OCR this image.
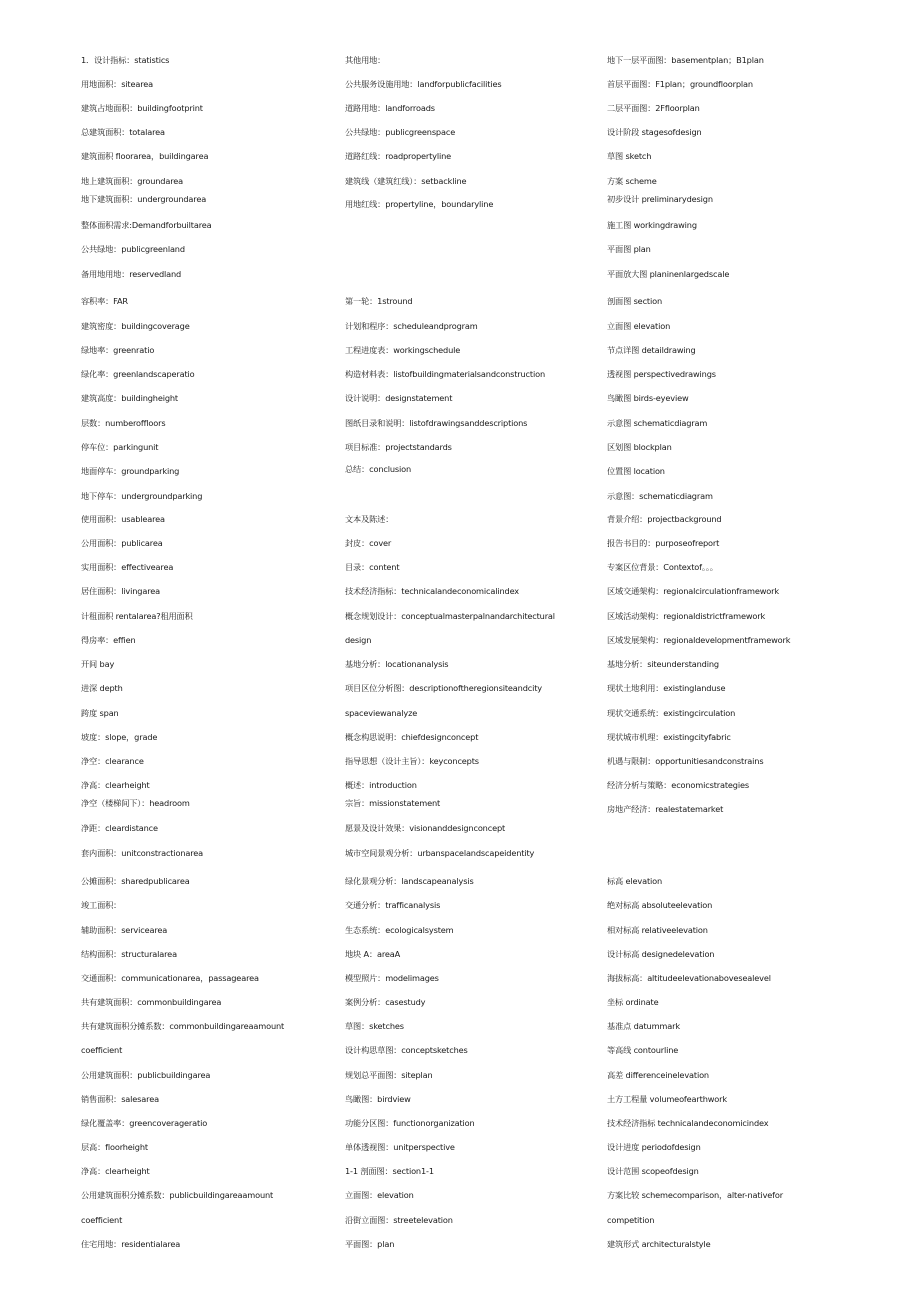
1．设计指标：statistics
用地面积：sitearea
建筑占地面积：buildingfootprint
总建筑面积：totalarea
建筑面积 floorarea，buildingarea
地上建筑面积：groundarea
地下建筑面积：undergroundarea
整体面积需求:Demandforbuiltarea
公共绿地：publicgreenland
备用地用地：reservedland
容积率：FAR
建筑密度：buildingcoverage
绿地率：greenratio
绿化率：greenlandscaperatio
建筑高度：buildingheight
层数：numberoffloors
停车位：parkingunit
地面停车：groundparking
地下停车：undergroundparking
使用面积：usablearea
公用面积：publicarea
实用面积：effectivearea
居住面积：livingarea
计租面积 rentalarea?租用面积
得房率：effien
开间 bay
进深 depth
跨度 span
坡度：slope，grade
净空：clearance
净高：clearheight
净空（楼梯间下）：headroom
净距：cleardistance
套内面积：unitconstractionarea
公摊面积：sharedpublicarea
竣工面积：
辅助面积：servicearea
结构面积：structuralarea
交通面积：communicationarea，passagearea
共有建筑面积：commonbuildingarea
共有建筑面积分摊系数：commonbuildingareaamount
coefficient
公用建筑面积：publicbuildingarea
销售面积：salesarea
绿化覆盖率：greencoverageratio
层高：floorheight
净高：clearheight
公用建筑面积分摊系数：publicbuildingareaamount
coefficient
住宅用地：residentialarea
其他用地：
公共服务设施用地：landforpublicfacilities
道路用地：landforroads
公共绿地：publicgreenspace
道路红线：roadpropertyline
建筑线（建筑红线）：setbackline
用地红线：propertyline，boundaryline
第一轮：1stround
计划和程序：scheduleandprogram
工程进度表：workingschedule
构造材料表：listofbuildingmaterialsandconstruction
设计说明：designstatement
图纸目录和说明：listofdrawingsanddescriptions
项目标准：projectstandards
总结：conclusion
文本及陈述：
封皮：cover
目录：content
技术经济指标：technicalandeconomicalindex
概念规划设计：conceptualmasterpalnandarchitectural
design
基地分析：locationanalysis
项目区位分析图：descriptionoftheregionsiteandcity
spaceviewanalyze
概念构思说明：chiefdesignconcept
指导思想（设计主旨）：keyconcepts
概述：introduction
宗旨：missionstatement
愿景及设计效果：visionanddesignconcept
城市空间景观分析：urbanspacelandscapeidentity
绿化景观分析：landscapeanalysis
交通分析：trafficanalysis
生态系统：ecologicalsystem
地块 A：areaA
模型照片：modelimages
案例分析：casestudy
草图：sketches
设计构思草图：conceptsketches
规划总平面图：siteplan
鸟瞰图：birdview
功能分区图：functionorganization
单体透视图：unitperspective
1-1 剖面图：section1-1
立面图：elevation
沿街立面图：streetelevation
平面图：plan
地下一层平面图：basementplan；B1plan
首层平面图：F1plan；groundfloorplan
二层平面图：2Ffloorplan
设计阶段 stagesofdesign
草图 sketch
方案 scheme
初步设计 preliminarydesign
施工图 workingdrawing
平面图 plan
平面放大图 planinenlargedscale
剖面图 section
立面图 elevation
节点详图 detaildrawing
透视图 perspectivedrawings
鸟瞰图 birds-eyeview
示意图 schematicdiagram
区划图 blockplan
位置图 location
示意图：schematicdiagram
背景介绍：projectbackground
报告书目的：purposeofreport
专案区位背景：Contextof。。。
区域交通架构：regionalcirculationframework
区域活动架构：regionaldistrictframework
区域发展架构：regionaldevelopmentframework
基地分析：siteunderstanding
现状土地利用：existinglanduse
现状交通系统：existingcirculation
现状城市机理：existingcityfabric
机遇与限制：opportunitiesandconstrains
经济分析与策略：economicstrategies
房地产经济：realestatemarket
标高 elevation
绝对标高 absoluteelevation
相对标高 relativeelevation
设计标高 designedelevation
海拔标高：altitudeelevationabovesealevel
坐标 ordinate
基准点 datummark
等高线 contourline
高差 differenceinelevation
土方工程量 volumeofearthwork
技术经济指标 technicalandeconomicindex
设计进度 periodofdesign
设计范围 scopeofdesign
方案比较 schemecomparison，alter-nativefor
competition
建筑形式 architecturalstyle
